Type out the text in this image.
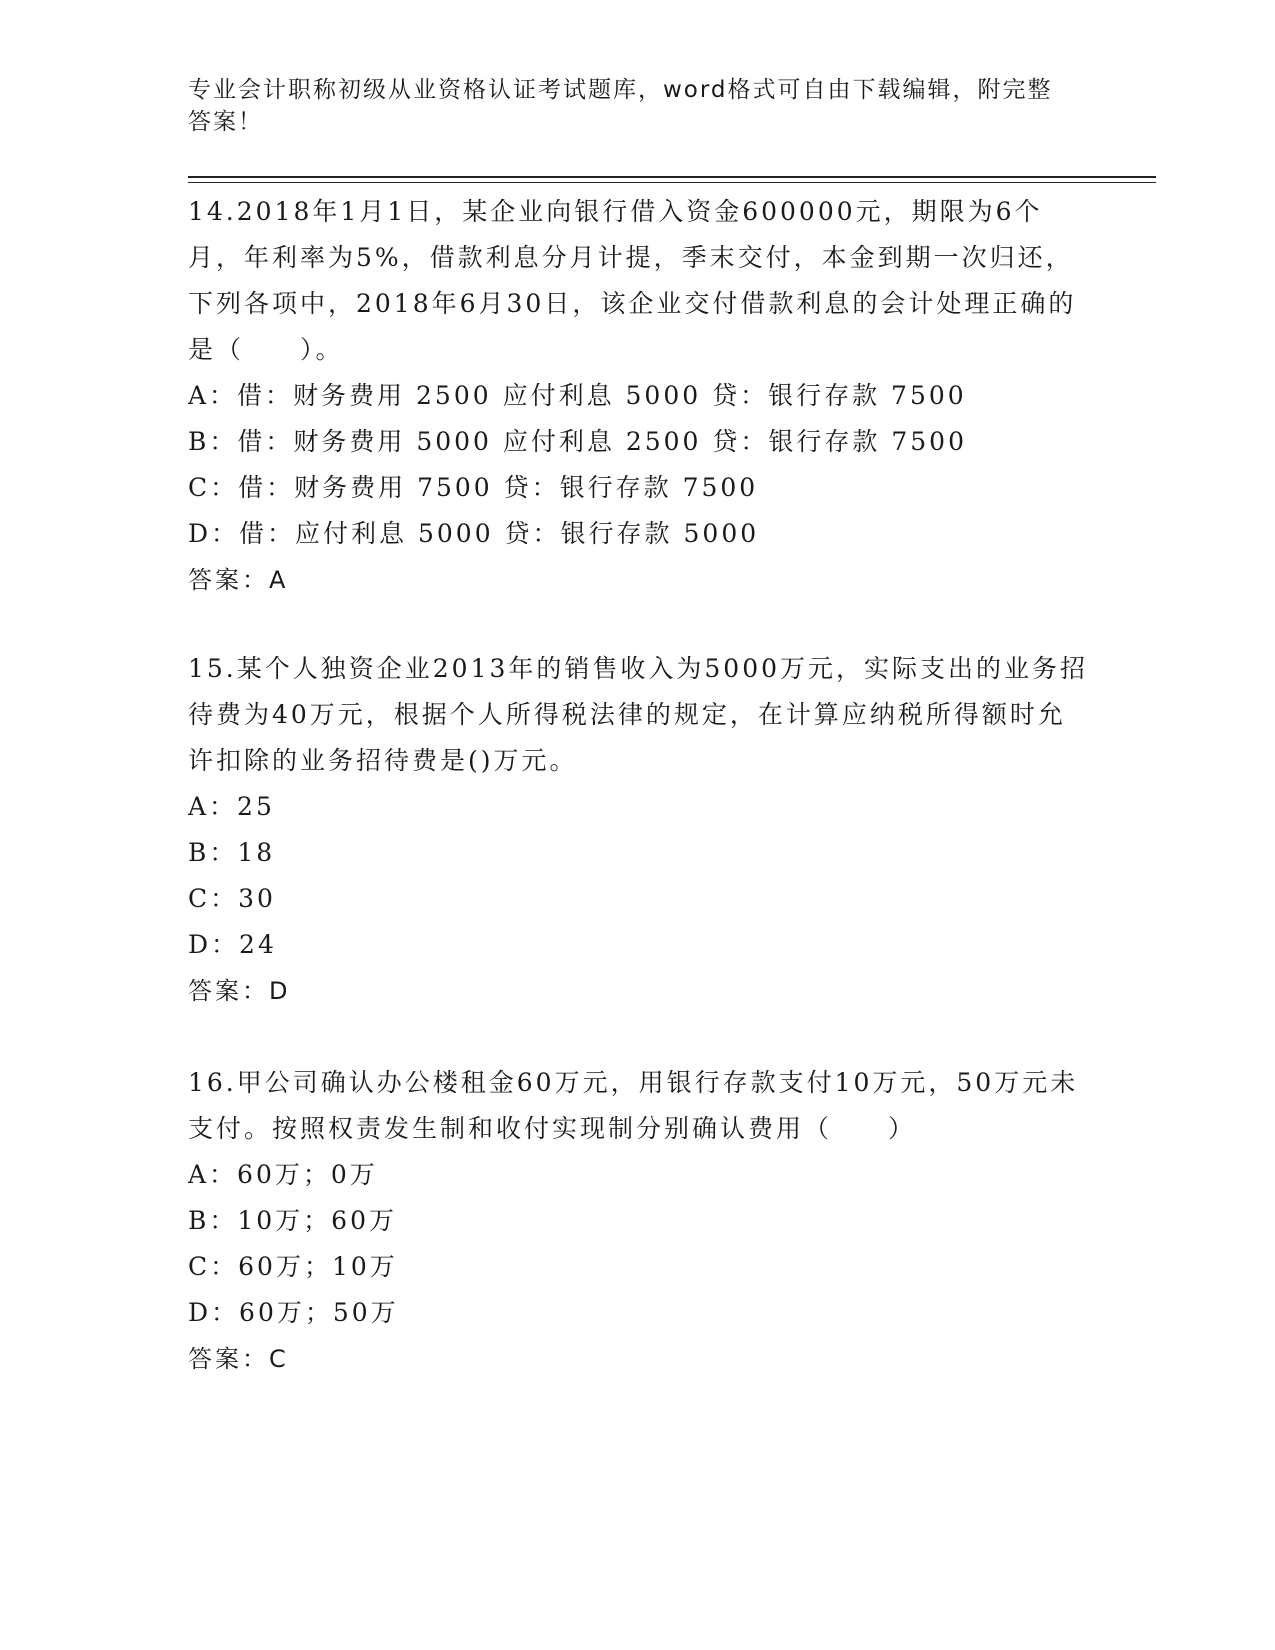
专业会计职称初级从业资格认证考试题库，word格式可自由下载编辑，附完整答案！
14.2018年1月1日，某企业向银行借入资金600000元，期限为6个月，年利率为5%，借款利息分月计提，季末交付，本金到期一次归还，下列各项中，2018年6月30日，该企业交付借款利息的会计处理正确的是（　　）。
A：借：财务费用 2500 应付利息 5000 贷：银行存款 7500
B：借：财务费用 5000 应付利息 2500 贷：银行存款 7500
C：借：财务费用 7500 贷：银行存款 7500
D：借：应付利息 5000 贷：银行存款 5000
答案：A
15.某个人独资企业2013年的销售收入为5000万元，实际支出的业务招待费为40万元，根据个人所得税法律的规定，在计算应纳税所得额时允许扣除的业务招待费是()万元。
A：25
B：18
C：30
D：24
答案：D
16.甲公司确认办公楼租金60万元，用银行存款支付10万元，50万元未支付。按照权责发生制和收付实现制分别确认费用（　　）
A：60万；0万
B：10万；60万
C：60万；10万
D：60万；50万
答案：C
